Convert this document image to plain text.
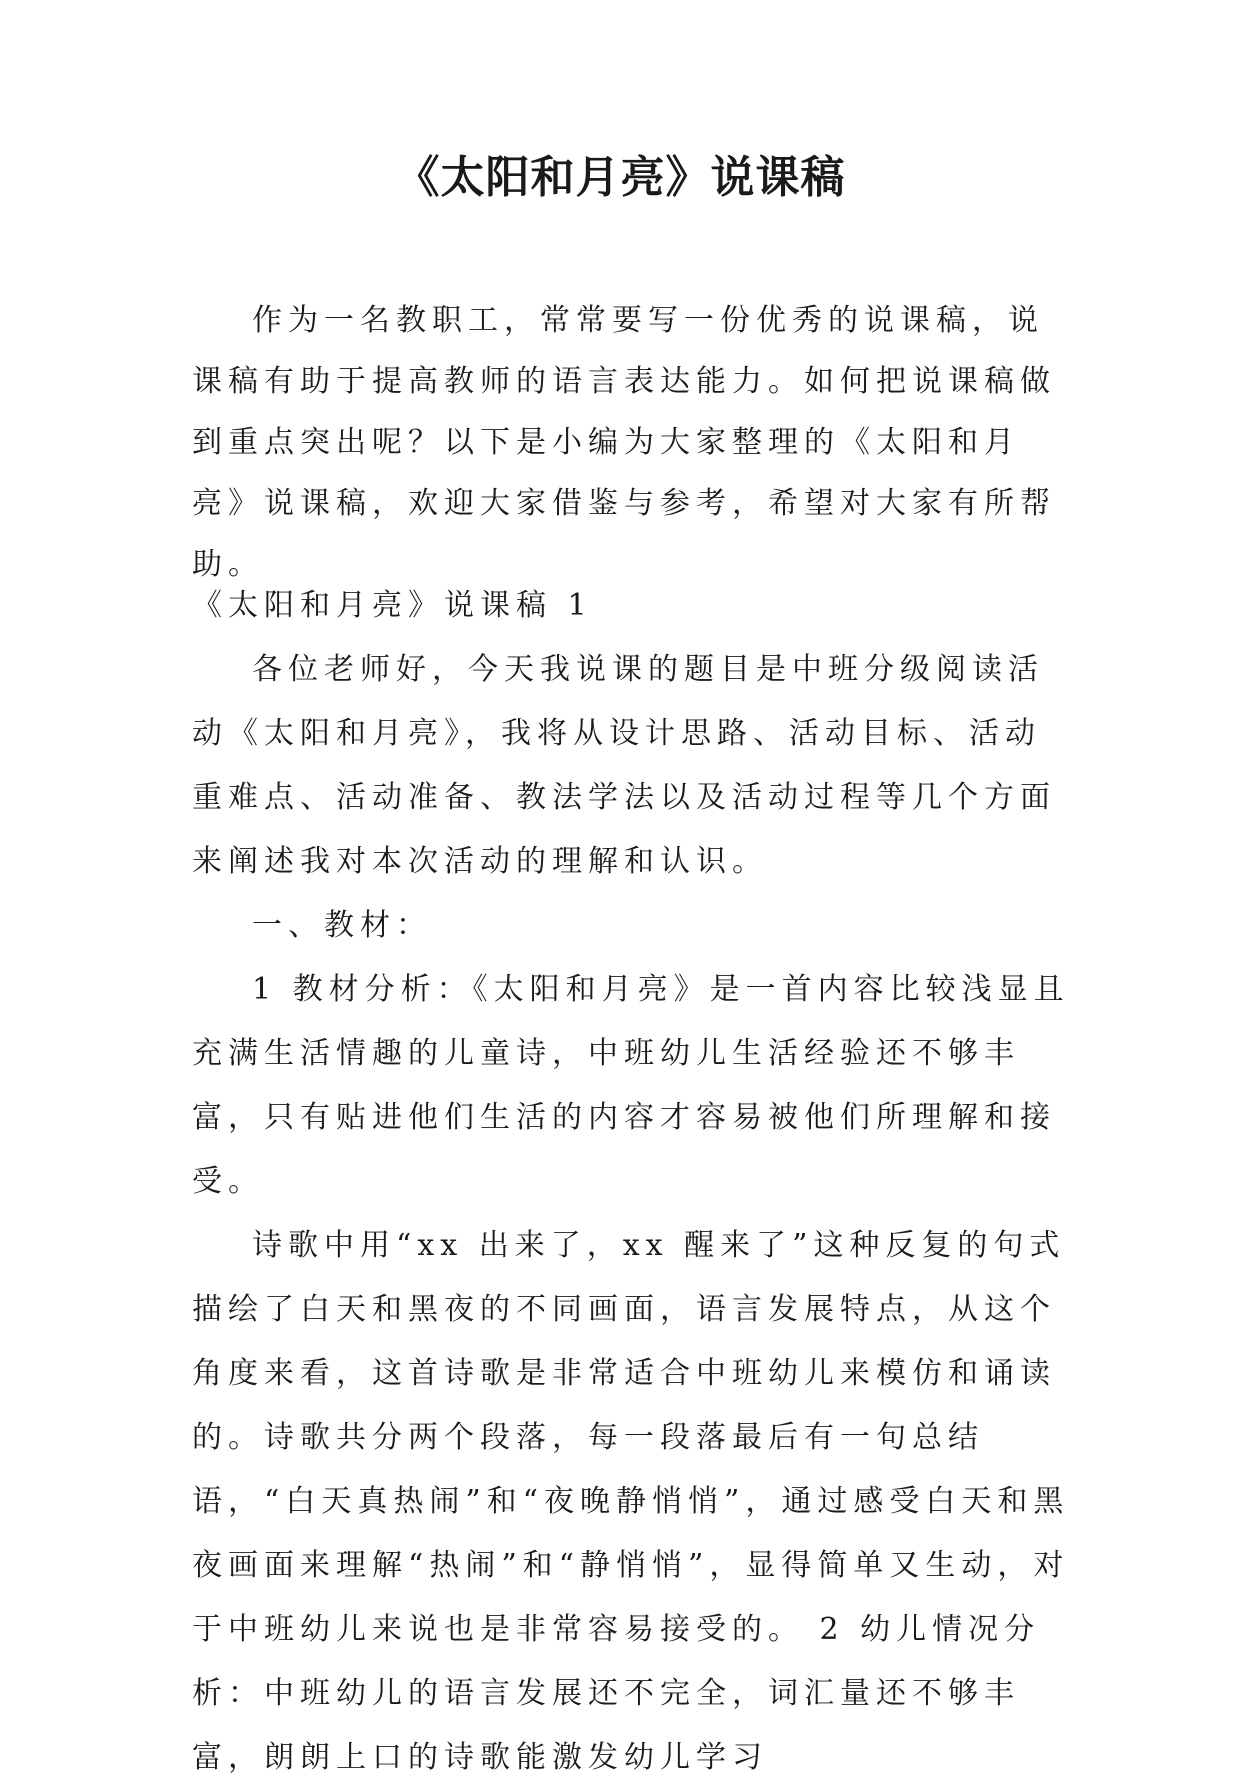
《太阳和月亮》说课稿

作为一名教职工，常常要写一份优秀的说课稿，说课稿有助于提高教师的语言表达能力。如何把说课稿做到重点突出呢？以下是小编为大家整理的《太阳和月亮》说课稿，欢迎大家借鉴与参考，希望对大家有所帮助。

《太阳和月亮》说课稿 1

各位老师好，今天我说课的题目是中班分级阅读活动《太阳和月亮》，我将从设计思路、活动目标、活动重难点、活动准备、教法学法以及活动过程等几个方面来阐述我对本次活动的理解和认识。

一、教材：

1 教材分析：《太阳和月亮》是一首内容比较浅显且充满生活情趣的儿童诗，中班幼儿生活经验还不够丰富，只有贴进他们生活的内容才容易被他们所理解和接受。

诗歌中用“xx 出来了，xx 醒来了”这种反复的句式描绘了白天和黑夜的不同画面，语言发展特点，从这个角度来看，这首诗歌是非常适合中班幼儿来模仿和诵读的。诗歌共分两个段落，每一段落最后有一句总结语，“白天真热闹”和“夜晚静悄悄”，通过感受白天和黑夜画面来理解“热闹”和“静悄悄”，显得简单又生动，对于中班幼儿来说也是非常容易接受的。 2 幼儿情况分析：中班幼儿的语言发展还不完全，词汇量还不够丰富，朗朗上口的诗歌能激发幼儿学习
